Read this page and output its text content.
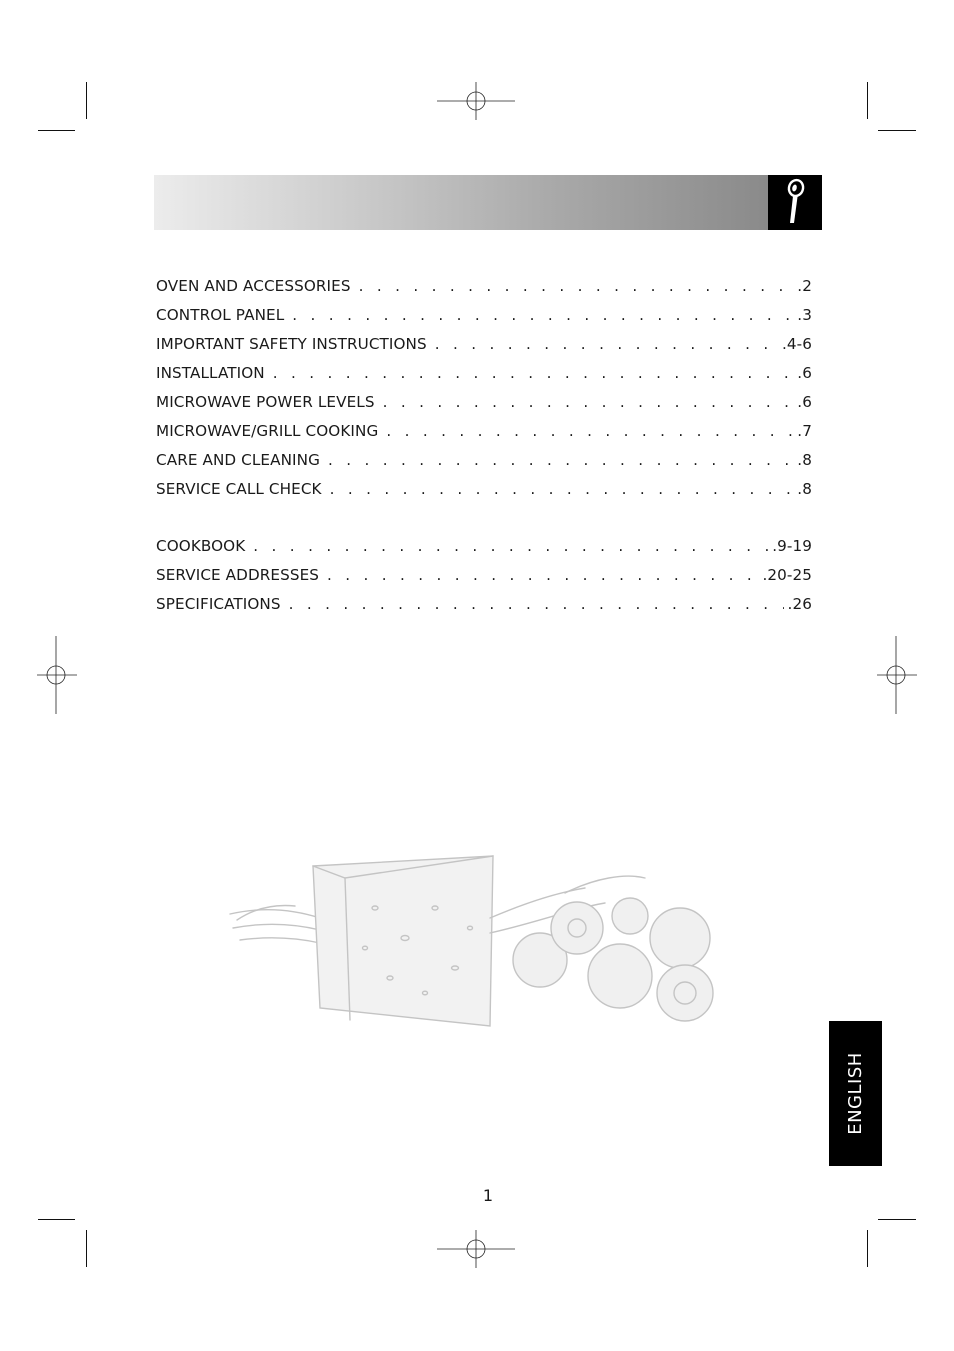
OVEN AND ACCESSORIES . . .	.2
CONTROL PANEL . . .	.3
IMPORTANT SAFETY INSTRUCTIONS . . .	.4-6
INSTALLATION . . .	.6
MICROWAVE POWER LEVELS . . .	.6
MICROWAVE/GRILL COOKING . . .	.7
CARE AND CLEANING . . .	.8
SERVICE CALL CHECK . . .	.8
COOKBOOK . . .	.9-19
SERVICE ADDRESSES . . .	.20-25
SPECIFICATIONS . . .	.26
ENGLISH
1
